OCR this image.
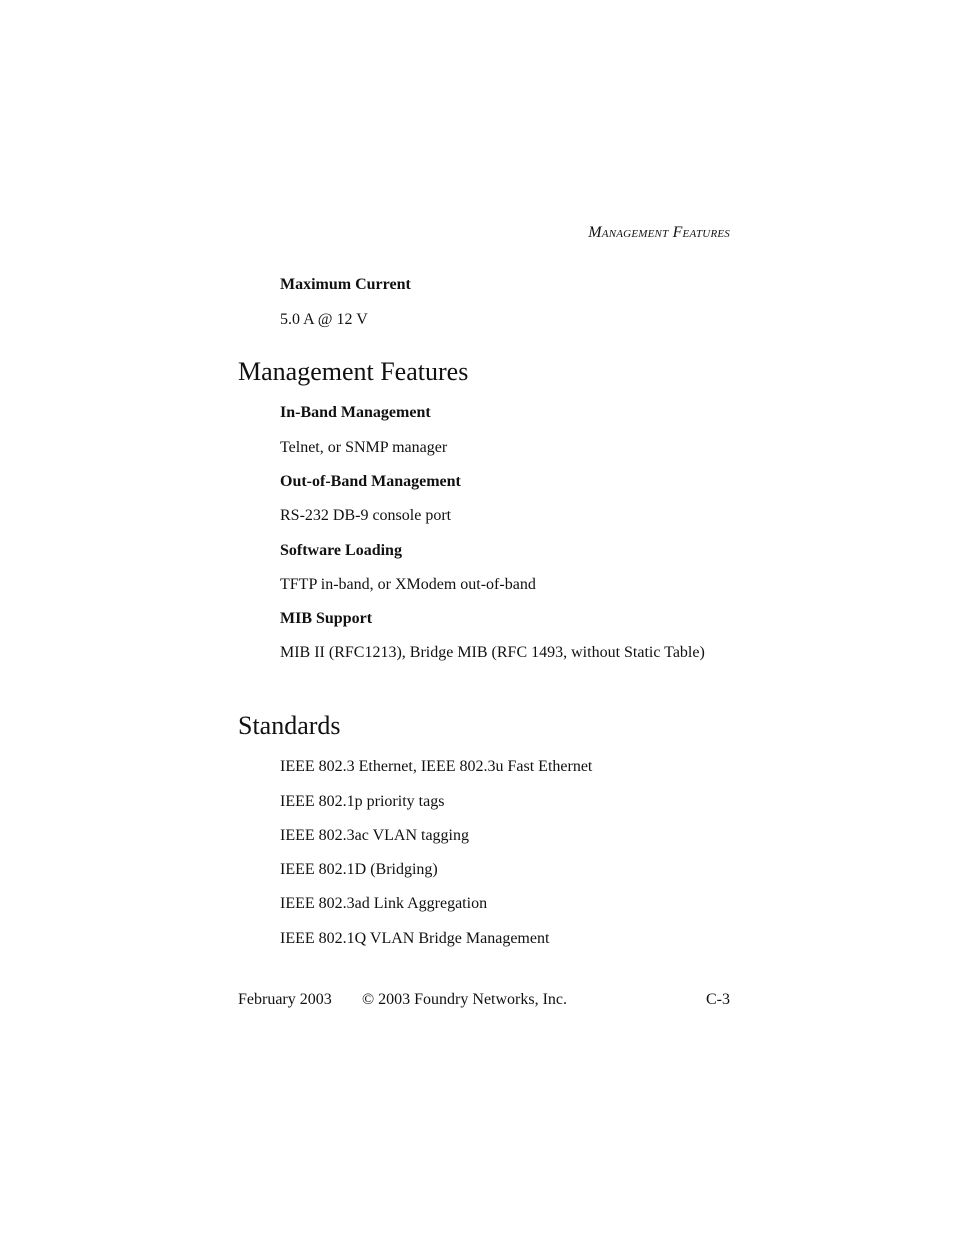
Management Features
Maximum Current
5.0 A @ 12 V
Management Features
In-Band Management
Telnet, or SNMP manager
Out-of-Band Management
RS-232 DB-9 console port
Software Loading
TFTP in-band, or XModem out-of-band
MIB Support
MIB II (RFC1213), Bridge MIB (RFC 1493, without Static Table)
Standards
IEEE 802.3 Ethernet, IEEE 802.3u Fast Ethernet
IEEE 802.1p priority tags
IEEE 802.3ac VLAN tagging
IEEE 802.1D (Bridging)
IEEE 802.3ad Link Aggregation
IEEE 802.1Q VLAN Bridge Management
February 2003 © 2003 Foundry Networks, Inc.	C-3
